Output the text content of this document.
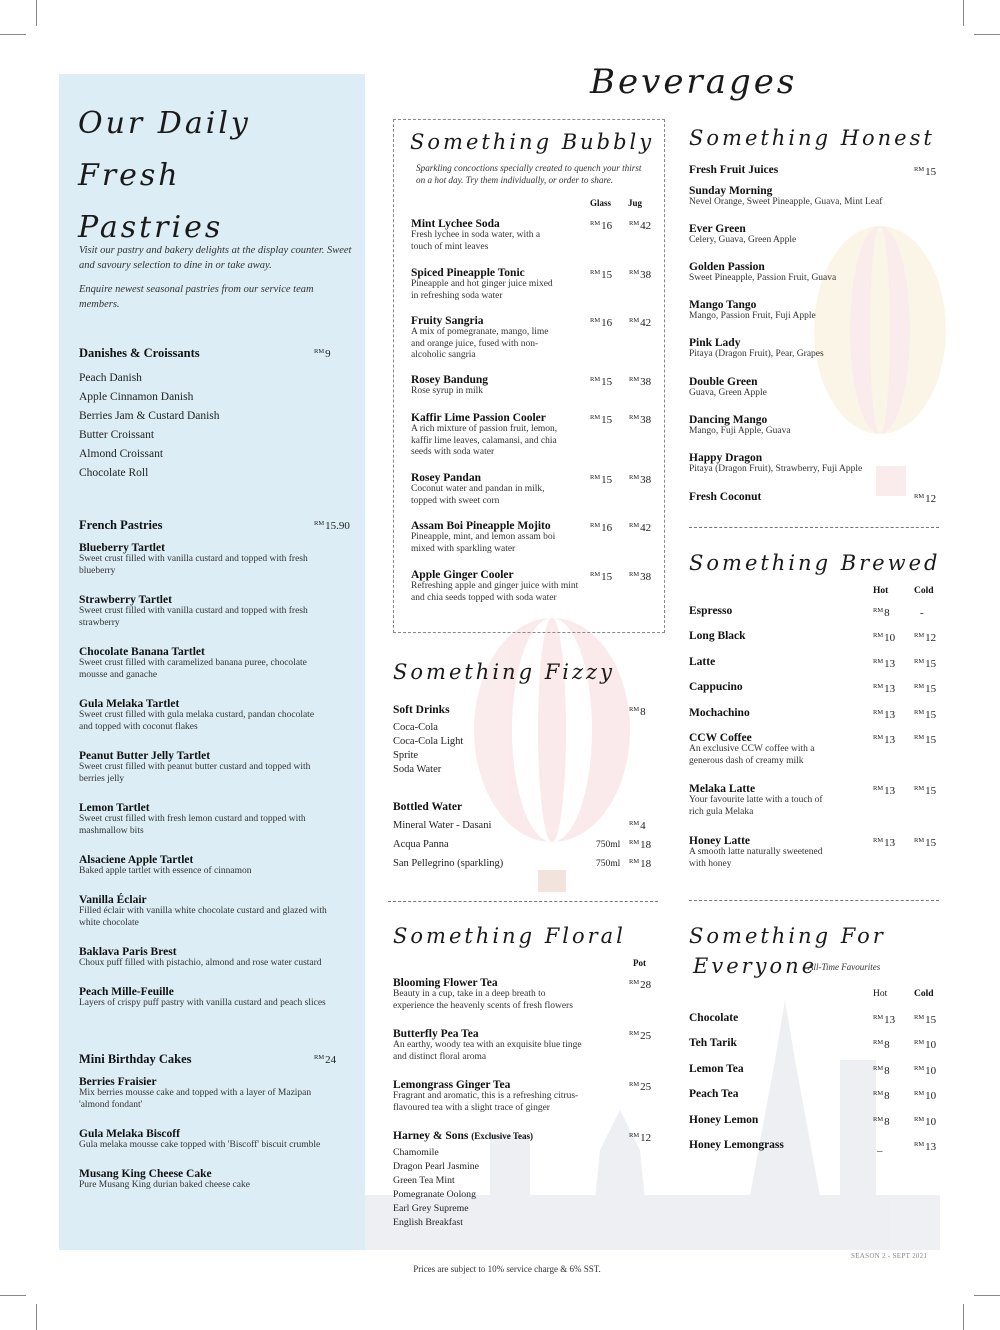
Our Daily
Fresh
Pastries
Visit our pastry and bakery delights at the display counter. Sweet and savoury selection to dine in or take away.
Enquire newest seasonal pastries from our service team members.
Danishes & Croissants	$^{RM}$9
Peach Danish
Apple Cinnamon Danish
Berries Jam & Custard Danish
Butter Croissant
Almond Croissant
Chocolate Roll
French Pastries	$^{RM}$15.90
Blueberry Tartlet
Sweet crust filled with vanilla custard and topped with fresh blueberry
Strawberry Tartlet
Sweet crust filled with vanilla custard and topped with fresh strawberry
Chocolate Banana Tartlet
Sweet crust filled with caramelized banana puree, chocolate mousse and ganache
Gula Melaka Tartlet
Sweet crust filled with gula melaka custard, pandan chocolate and topped with coconut flakes
Peanut Butter Jelly Tartlet
Sweet crust filled with peanut butter custard and topped with berries jelly
Lemon Tartlet
Sweet crust filled with fresh lemon custard and topped with mashmallow bits
Alsaciene Apple Tartlet
Baked apple tartlet with essence of cinnamon
Vanilla Éclair
Filled éclair with vanilla white chocolate custard and glazed with white chocolate
Baklava Paris Brest
Choux puff filled with pistachio, almond and rose water custard
Peach Mille-Feuille
Layers of crispy puff pastry with vanilla custard and peach slices
Mini Birthday Cakes	$^{RM}$24
Berries Fraisier
Mix berries mousse cake and topped with a layer of Mazipan 'almond fondant'
Gula Melaka Biscoff
Gula melaka mousse cake topped with 'Biscoff' biscuit crumble
Musang King Cheese Cake
Pure Musang King durian baked cheese cake
Beverages
Something Bubbly
Sparkling concoctions specially created to quench your thirst on a hot day. Try them individually, or order to share.
Glass Jug
Mint Lychee Soda
Fresh lychee in soda water, with a touch of mint leaves
$^{RM}$16	$^{RM}$42
Spiced Pineapple Tonic
Pineapple and hot ginger juice mixed in refreshing soda water
$^{RM}$15	$^{RM}$38
Fruity Sangria
A mix of pomegranate, mango, lime and orange juice, fused with non-alcoholic sangria
$^{RM}$16	$^{RM}$42
Rosey Bandung
Rose syrup in milk
$^{RM}$15	$^{RM}$38
Kaffir Lime Passion Cooler
A rich mixture of passion fruit, lemon, kaffir lime leaves, calamansi, and chia seeds with soda water
$^{RM}$15	$^{RM}$38
Rosey Pandan
Coconut water and pandan in milk, topped with sweet corn
$^{RM}$15	$^{RM}$38
Assam Boi Pineapple Mojito
Pineapple, mint, and lemon assam boi mixed with sparkling water
$^{RM}$16	$^{RM}$42
Apple Ginger Cooler
Refreshing apple and ginger juice with mint and chia seeds topped with soda water
$^{RM}$15	$^{RM}$38
Something Fizzy
Soft Drinks	$^{RM}$8
Coca-Cola
Coca-Cola Light
Sprite
Soda Water
Bottled Water
Mineral Water - Dasani	$^{RM}$4
Acqua Panna	750ml $^{RM}$18
San Pellegrino (sparkling)	750ml $^{RM}$18
Something Floral
Pot
Blooming Flower Tea
Beauty in a cup, take in a deep breath to experience the heavenly scents of fresh flowers
$^{RM}$28
Butterfly Pea Tea
An earthy, woody tea with an exquisite blue tinge and distinct floral aroma
$^{RM}$25
Lemongrass Ginger Tea
Fragrant and aromatic, this is a refreshing citrus-flavoured tea with a slight trace of ginger
$^{RM}$25
Harney & Sons (Exclusive Teas)	$^{RM}$12
Chamomile
Dragon Pearl Jasmine
Green Tea Mint
Pomegranate Oolong
Earl Grey Supreme
English Breakfast
Something Honest
Fresh Fruit Juices	$^{RM}$15
Sunday Morning
Nevel Orange, Sweet Pineapple, Guava, Mint Leaf
Ever Green
Celery, Guava, Green Apple
Golden Passion
Sweet Pineapple, Passion Fruit, Guava
Mango Tango
Mango, Passion Fruit, Fuji Apple
Pink Lady
Pitaya (Dragon Fruit), Pear, Grapes
Double Green
Guava, Green Apple
Dancing Mango
Mango, Fuji Apple, Guava
Happy Dragon
Pitaya (Dragon Fruit), Strawberry, Fuji Apple
Fresh Coconut	$^{RM}$12
Something Brewed
Hot	Cold
Espresso	$^{RM}$8	-
Long Black	$^{RM}$10	$^{RM}$12
Latte	$^{RM}$13	$^{RM}$15
Cappucino	$^{RM}$13	$^{RM}$15
Mochachino	$^{RM}$13	$^{RM}$15
CCW Coffee
An exclusive CCW coffee with a generous dash of creamy milk
$^{RM}$13	$^{RM}$15
Melaka Latte
Your favourite latte with a touch of rich gula Melaka
$^{RM}$13	$^{RM}$15
Honey Latte
A smooth latte naturally sweetened with honey
$^{RM}$13	$^{RM}$15
Something For
Everyone
All-Time Favourites
Hot	Cold
Chocolate	$^{RM}$13	$^{RM}$15
Teh Tarik	$^{RM}$8	$^{RM}$10
Lemon Tea	$^{RM}$8	$^{RM}$10
Peach Tea	$^{RM}$8	$^{RM}$10
Honey Lemon	$^{RM}$8	$^{RM}$10
Honey Lemongrass	_	$^{RM}$13
SEASON 2 - SEPT 2021
Prices are subject to 10% service charge & 6% SST.
